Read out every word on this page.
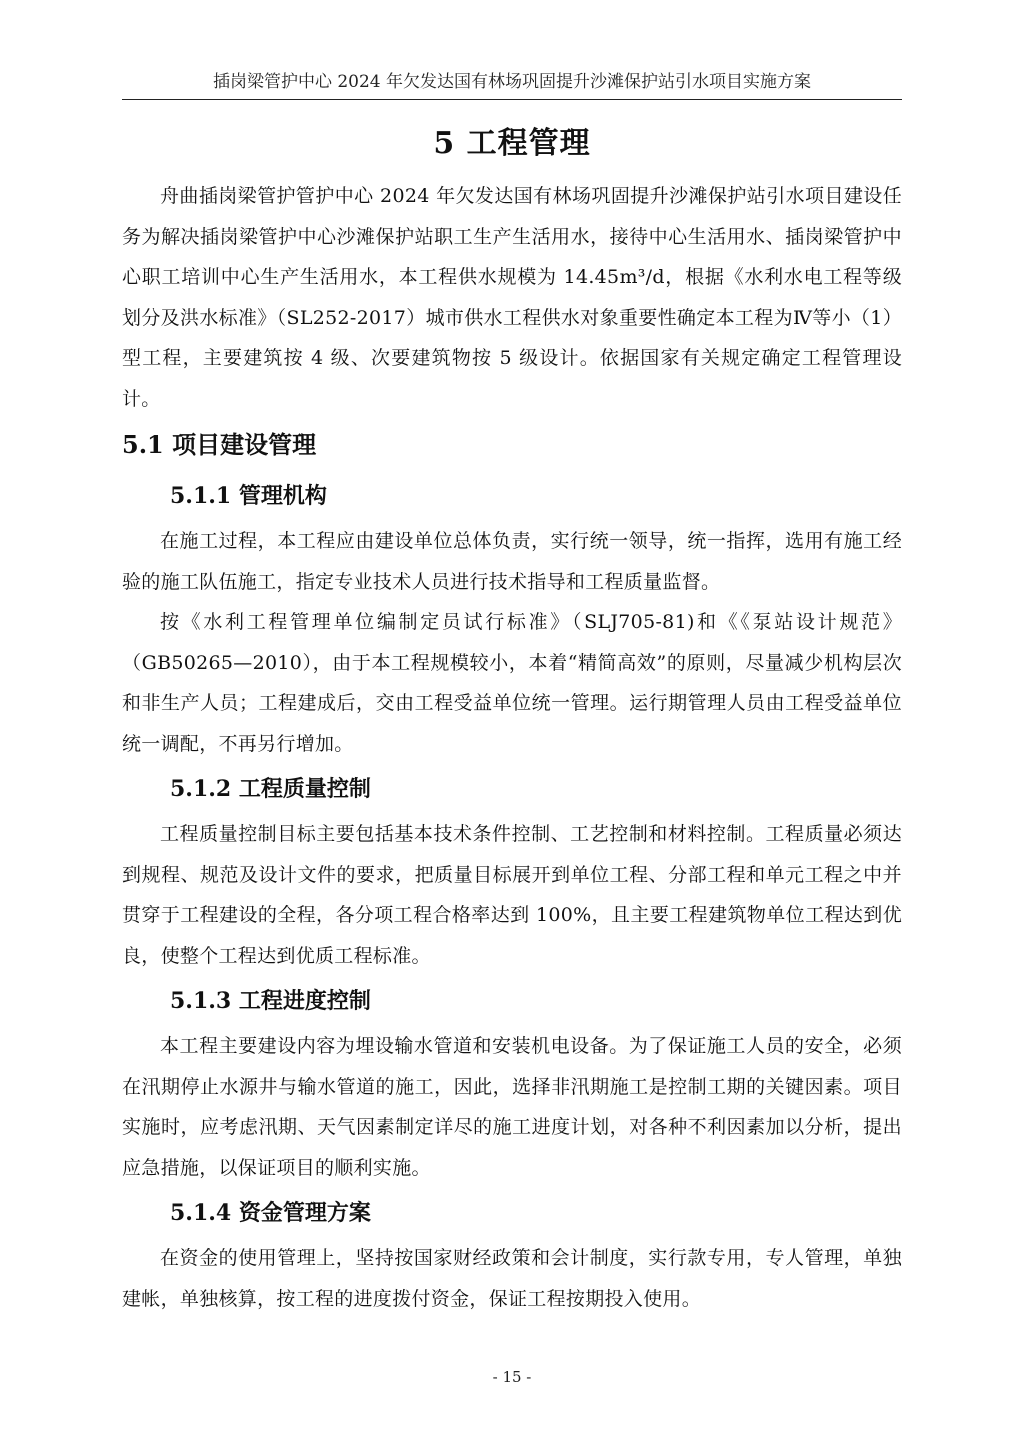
插岗梁管护中心 2024 年欠发达国有林场巩固提升沙滩保护站引水项目实施方案
5 工程管理

舟曲插岗梁管护管护中心 2024 年欠发达国有林场巩固提升沙滩保护站引水项目建设任务为解决插岗梁管护中心沙滩保护站职工生产生活用水，接待中心生活用水、插岗梁管护中心职工培训中心生产生活用水，本工程供水规模为 14.45m³/d，根据《水利水电工程等级划分及洪水标准》（SL252-2017）城市供水工程供水对象重要性确定本工程为Ⅳ等小（1）型工程，主要建筑按 4 级、次要建筑物按 5 级设计。依据国家有关规定确定工程管理设计。

5.1 项目建设管理
5.1.1 管理机构

在施工过程，本工程应由建设单位总体负责，实行统一领导，统一指挥，选用有施工经验的施工队伍施工，指定专业技术人员进行技术指导和工程质量监督。

按《水利工程管理单位编制定员试行标准》（SLJ705-81)和《《泵站设计规范》（GB50265—2010），由于本工程规模较小，本着“精简高效”的原则，尽量减少机构层次和非生产人员；工程建成后，交由工程受益单位统一管理。运行期管理人员由工程受益单位统一调配，不再另行增加。

5.1.2 工程质量控制

工程质量控制目标主要包括基本技术条件控制、工艺控制和材料控制。工程质量必须达到规程、规范及设计文件的要求，把质量目标展开到单位工程、分部工程和单元工程之中并贯穿于工程建设的全程，各分项工程合格率达到 100%，且主要工程建筑物单位工程达到优良，使整个工程达到优质工程标准。

5.1.3 工程进度控制

本工程主要建设内容为埋设输水管道和安装机电设备。为了保证施工人员的安全，必须在汛期停止水源井与输水管道的施工，因此，选择非汛期施工是控制工期的关键因素。项目实施时，应考虑汛期、天气因素制定详尽的施工进度计划，对各种不利因素加以分析，提出应急措施，以保证项目的顺利实施。

5.1.4 资金管理方案

在资金的使用管理上，坚持按国家财经政策和会计制度，实行款专用，专人管理，单独建帐，单独核算，按工程的进度拨付资金，保证工程按期投入使用。

- 15 -
